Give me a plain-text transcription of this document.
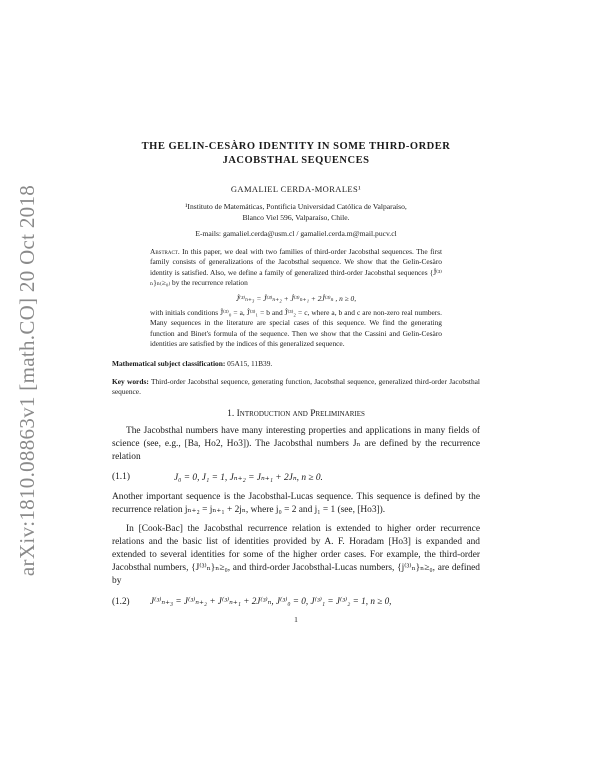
arXiv:1810.08863v1 [math.CO] 20 Oct 2018
THE GELIN-CESÀRO IDENTITY IN SOME THIRD-ORDER
JACOBSTHAL SEQUENCES
GAMALIEL CERDA-MORALES¹
¹Instituto de Matemáticas, Pontificia Universidad Católica de Valparaíso,
Blanco Viel 596, Valparaíso, Chile.
E-mails: gamaliel.cerda@usm.cl / gamaliel.cerda.m@mail.pucv.cl
Abstract. In this paper, we deal with two families of third-order Jacobsthal sequences. The first family consists of generalizations of the Jacobsthal sequence. We show that the Gelin-Cesàro identity is satisfied. Also, we define a family of generalized third-order Jacobsthal sequences {Ĵ⁽³⁾ₙ}ₙ₍≥₀₎ by the recurrence relation
Ĵ⁽³⁾ₙ₊₃ = Ĵ⁽³⁾ₙ₊₂ + Ĵ⁽³⁾ₙ₊₁ + 2Ĵ⁽³⁾ₙ , n ≥ 0,
with initials conditions Ĵ⁽³⁾₀ = a, Ĵ⁽³⁾₁ = b and Ĵ⁽³⁾₂ = c, where a, b and c are non-zero real numbers. Many sequences in the literature are special cases of this sequence. We find the generating function and Binet's formula of the sequence. Then we show that the Cassini and Gelin-Cesàro identities are satisfied by the indices of this generalized sequence.
Mathematical subject classification: 05A15, 11B39.
Key words: Third-order Jacobsthal sequence, generating function, Jacobsthal sequence, generalized third-order Jacobsthal sequence.
1. Introduction and Preliminaries

The Jacobsthal numbers have many interesting properties and applications in many fields of science (see, e.g., [Ba, Ho2, Ho3]). The Jacobsthal numbers Jₙ are defined by the recurrence relation

(1.1)	J₀ = 0, J₁ = 1, Jₙ₊₂ = Jₙ₊₁ + 2Jₙ, n ≥ 0.

Another important sequence is the Jacobsthal-Lucas sequence. This sequence is defined by the recurrence relation jₙ₊₂ = jₙ₊₁ + 2jₙ, where j₀ = 2 and j₁ = 1 (see, [Ho3]).

In [Cook-Bac] the Jacobsthal recurrence relation is extended to higher order recurrence relations and the basic list of identities provided by A. F. Horadam [Ho3] is expanded and extended to several identities for some of the higher order cases. For example, the third-order Jacobsthal numbers, {J⁽³⁾ₙ}ₙ≥₀, and third-order Jacobsthal-Lucas numbers, {j⁽³⁾ₙ}ₙ≥₀, are defined by

(1.2)	J⁽³⁾ₙ₊₃ = J⁽³⁾ₙ₊₂ + J⁽³⁾ₙ₊₁ + 2J⁽³⁾ₙ, J⁽³⁾₀ = 0, J⁽³⁾₁ = J⁽³⁾₂ = 1, n ≥ 0,
1
